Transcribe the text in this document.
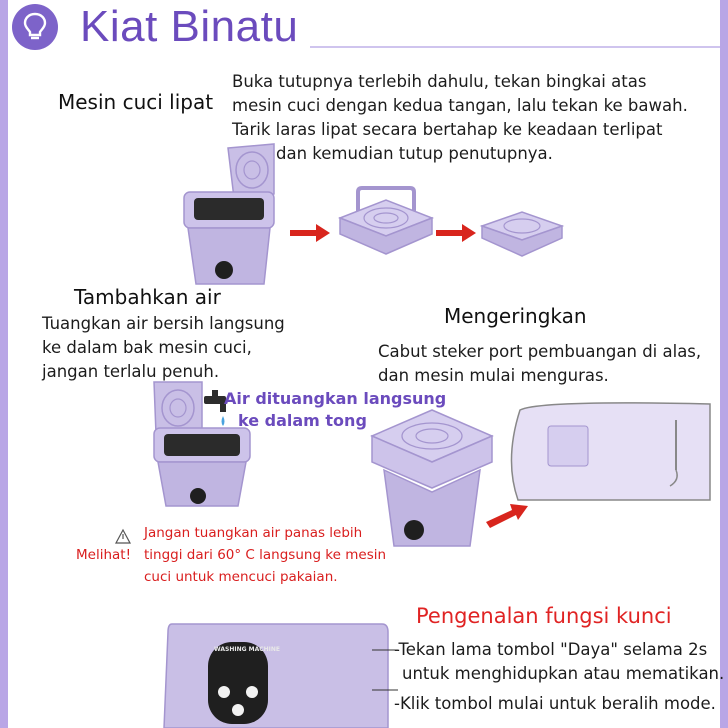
Kiat Binatu
Mesin cuci lipat
Buka tutupnya terlebih dahulu, tekan bingkai atas
mesin cuci dengan kedua tangan, lalu tekan ke bawah.
Tarik laras lipat secara bertahap ke keadaan terlipat
dan kemudian tutup penutupnya.
Tambahkan air
Tuangkan air bersih langsung
ke dalam bak mesin cuci,
jangan terlalu penuh.
Air dituangkan langsung
ke dalam tong
Mengeringkan
Cabut steker port pembuangan di alas,
dan mesin mulai menguras.
Melihat!
Jangan tuangkan air panas lebih
tinggi dari 60° C langsung ke mesin
cuci untuk mencuci pakaian.
Pengenalan fungsi kunci
-Tekan lama tombol "Daya" selama 2s
untuk menghidupkan atau mematikan.
-Klik tombol mulai untuk beralih mode.
WASHING MACHINE
